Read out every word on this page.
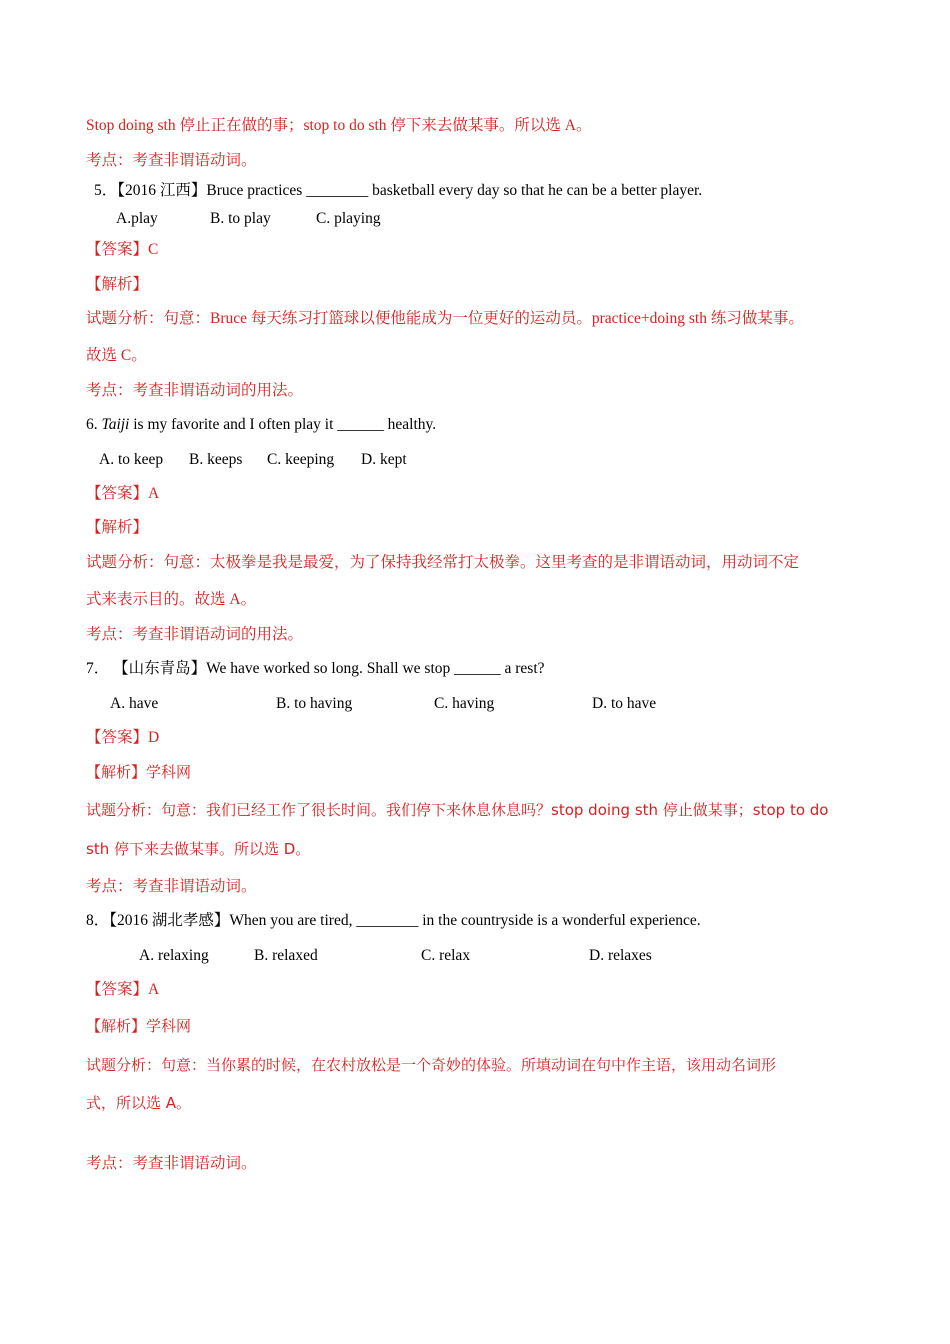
Stop doing sth 停止正在做的事；stop to do sth 停下来去做某事。所以选 A。
考点：考查非谓语动词。
5．【2016 江西】Bruce practices ________ basketball every day so that he can be a better player.
A.play	B. to play	C. playing
【答案】C
【解析】
试题分析：句意：Bruce 每天练习打篮球以便他能成为一位更好的运动员。practice+doing sth 练习做某事。
故选 C。
考点：考查非谓语动词的用法。
6. Taiji is my favorite and I often play it ______ healthy.
A. to keep B. keeps C. keeping D. kept
【答案】A
【解析】
试题分析：句意：太极拳是我是最爱，为了保持我经常打太极拳。这里考查的是非谓语动词，用动词不定
式来表示目的。故选 A。
考点：考查非谓语动词的用法。
7． 【山东青岛】We have worked so long. Shall we stop ______ a rest?
A. have	B. to having	C. having	D. to have
【答案】D
【解析】学科网
试题分析：句意：我们已经工作了很长时间。我们停下来休息休息吗？stop doing sth 停止做某事；stop to do
sth 停下来去做某事。所以选 D。
考点：考查非谓语动词。
8．【2016 湖北孝感】When you are tired, ________ in the countryside is a wonderful experience.
A. relaxing	B. relaxed	C. relax	D. relaxes
【答案】A
【解析】学科网
试题分析：句意：当你累的时候，在农村放松是一个奇妙的体验。所填动词在句中作主语，该用动名词形
式，所以选 A。
考点：考查非谓语动词。
